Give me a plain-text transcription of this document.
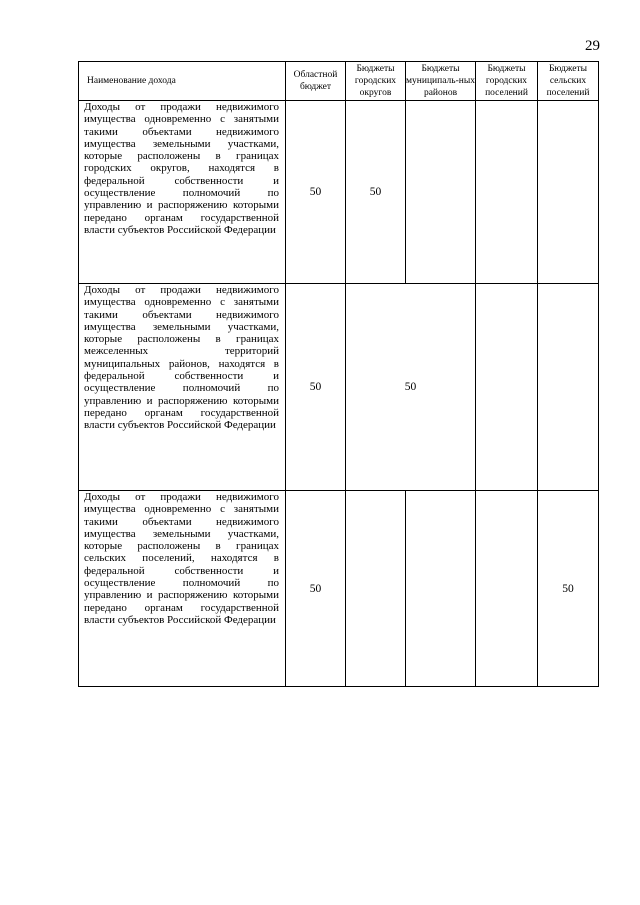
29
Наименование дохода	Областной бюджет	Бюджеты городских округов	Бюджеты муниципаль-ных районов	Бюджеты городских поселений	Бюджеты сельских поселений
Доходы от продажи недвижимого имущества одновременно с занятыми такими объектами недвижимого имущества земельными участками, которые расположены в границах городских округов, находятся в федеральной собственности и осуществление полномочий по управлению и распоряжению которыми передано органам государственной власти субъектов Российской Федерации	50	50			
Доходы от продажи недвижимого имущества одновременно с занятыми такими объектами недвижимого имущества земельными участками, которые расположены в границах межселенных территорий муниципальных районов, находятся в федеральной собственности и осуществление полномочий по управлению и распоряжению которыми передано органам государственной власти субъектов Российской Федерации	50	50			
Доходы от продажи недвижимого имущества одновременно с занятыми такими объектами недвижимого имущества земельными участками, которые расположены в границах сельских поселений, находятся в федеральной собственности и осуществление полномочий по управлению и распоряжению которыми передано органам государственной власти субъектов Российской Федерации	50				50
